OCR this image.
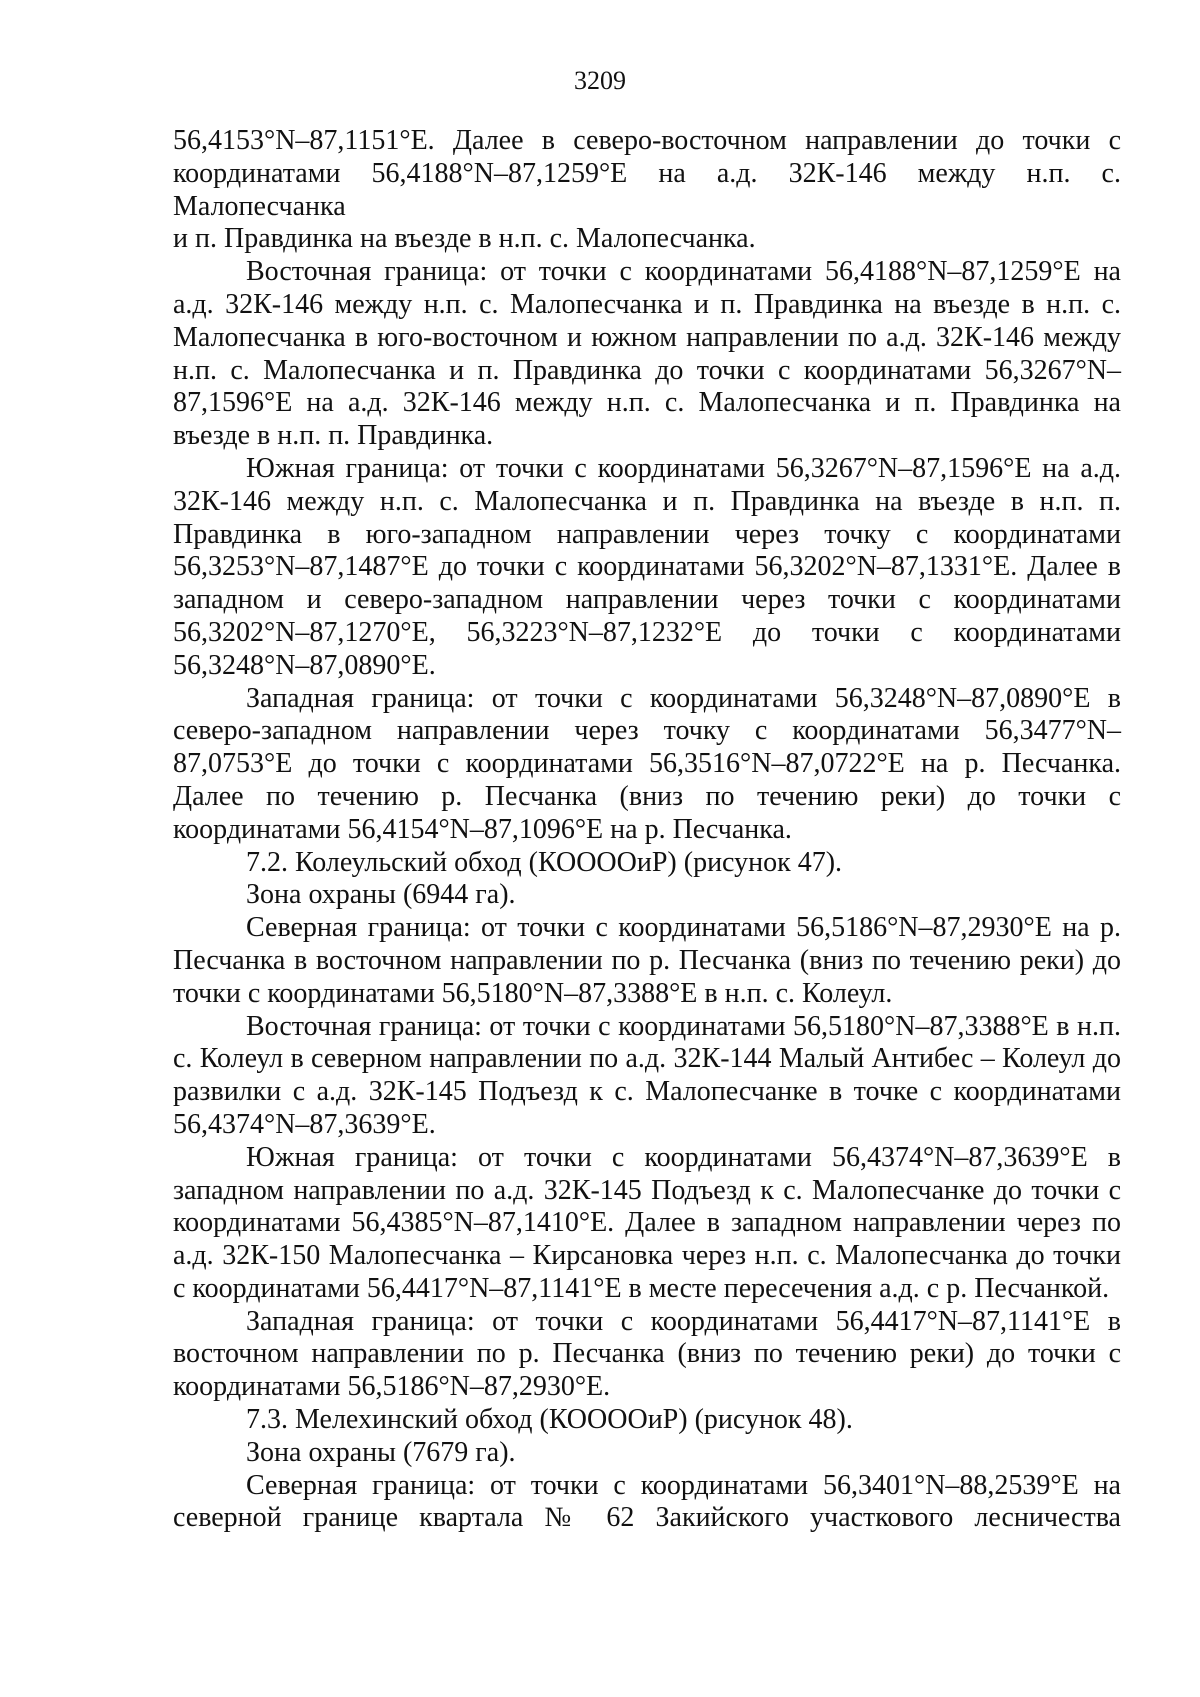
3209

56,4153°N–87,1151°E. Далее в северо-восточном направлении до точки с
координатами 56,4188°N–87,1259°E на а.д. 32К-146 между н.п. с.
Малопесчанка
и п. Правдинка на въезде в н.п. с. Малопесчанка.

Восточная граница: от точки с координатами 56,4188°N–87,1259°E на а.д. 32К-146 между н.п. с. Малопесчанка и п. Правдинка на въезде в н.п. с. Малопесчанка в юго-восточном и южном направлении по а.д. 32К-146 между н.п. с. Малопесчанка и п. Правдинка до точки с координатами 56,3267°N–87,1596°E на а.д. 32К-146 между н.п. с. Малопесчанка и п. Правдинка на въезде в н.п. п. Правдинка.

Южная граница: от точки с координатами 56,3267°N–87,1596°E на а.д. 32К-146 между н.п. с. Малопесчанка и п. Правдинка на въезде в н.п. п. Правдинка в юго-западном направлении через точку с координатами 56,3253°N–87,1487°E до точки с координатами 56,3202°N–87,1331°E. Далее в западном и северо-западном направлении через точки с координатами 56,3202°N–87,1270°E, 56,3223°N–87,1232°E до точки с координатами 56,3248°N–87,0890°E.

Западная граница: от точки с координатами 56,3248°N–87,0890°E в северо-западном направлении через точку с координатами 56,3477°N–87,0753°E до точки с координатами 56,3516°N–87,0722°E на р. Песчанка. Далее по течению р. Песчанка (вниз по течению реки) до точки с координатами 56,4154°N–87,1096°E на р. Песчанка.

7.2. Колеульский обход (КОООOиР) (рисунок 47).

Зона охраны (6944 га).

Северная граница: от точки с координатами 56,5186°N–87,2930°E на р. Песчанка в восточном направлении по р. Песчанка (вниз по течению реки) до точки с координатами 56,5180°N–87,3388°E в н.п. с. Колеул.

Восточная граница: от точки с координатами 56,5180°N–87,3388°E в н.п. с. Колеул в северном направлении по а.д. 32К-144 Малый Антибес – Колеул до развилки с а.д. 32К-145 Подъезд к с. Малопесчанке в точке с координатами 56,4374°N–87,3639°E.

Южная граница: от точки с координатами 56,4374°N–87,3639°E в западном направлении по а.д. 32К-145 Подъезд к с. Малопесчанке до точки с координатами 56,4385°N–87,1410°E. Далее в западном направлении через по а.д. 32К-150 Малопесчанка – Кирсановка через н.п. с. Малопесчанка до точки с координатами 56,4417°N–87,1141°E в месте пересечения а.д. с р. Песчанкой.

Западная граница: от точки с координатами 56,4417°N–87,1141°E в восточном направлении по р. Песчанка (вниз по течению реки) до точки с координатами 56,5186°N–87,2930°E.

7.3. Мелехинский обход (КОООOиР) (рисунок 48).

Зона охраны (7679 га).

Северная граница: от точки с координатами 56,3401°N–88,2539°E на северной границе квартала № 62 Закийского участкового лесничества
